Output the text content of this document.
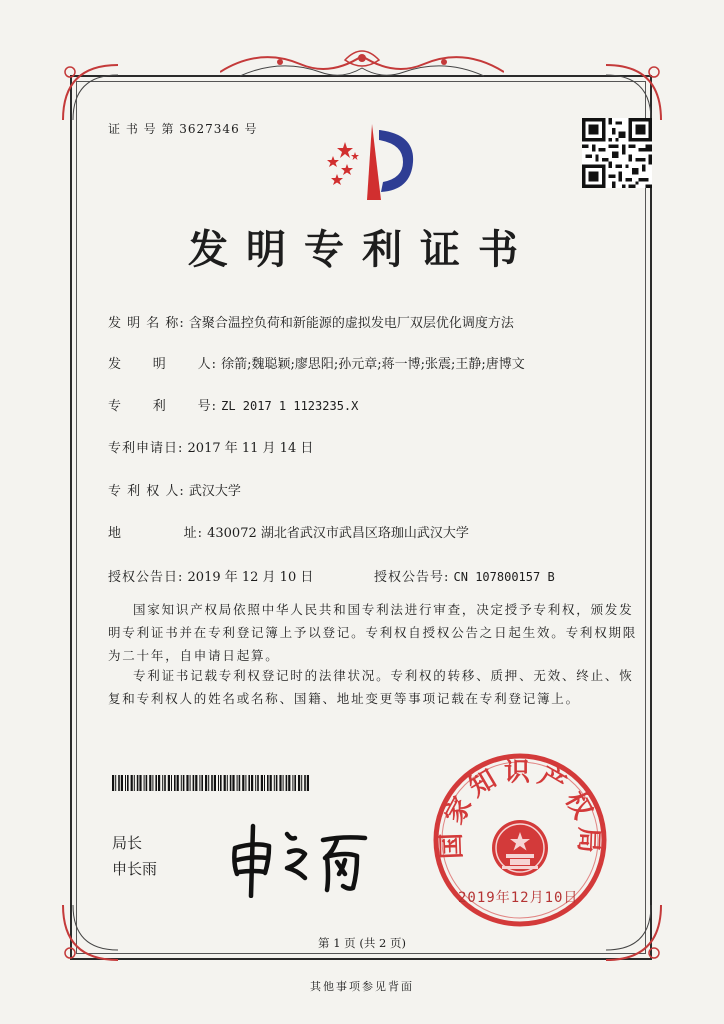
证 书 号 第 3627346 号
发明专利证书
发 明 名 称: 含聚合温控负荷和新能源的虚拟发电厂双层优化调度方法
发      明      人: 徐箭;魏聪颖;廖思阳;孙元章;蒋一博;张震;王静;唐博文
专      利      号: ZL 2017 1 1123235.X
专利申请日: 2017 年 11 月 14 日
专 利 权 人: 武汉大学
地            址: 430072 湖北省武汉市武昌区珞珈山武汉大学
授权公告日: 2019 年 12 月 10 日	授权公告号: CN 107800157 B
国家知识产权局依照中华人民共和国专利法进行审查，决定授予专利权，颁发发明专利证书并在专利登记簿上予以登记。专利权自授权公告之日起生效。专利权期限为二十年，自申请日起算。
专利证书记载专利权登记时的法律状况。专利权的转移、质押、无效、终止、恢复和专利权人的姓名或名称、国籍、地址变更等事项记载在专利登记簿上。
局长
申长雨
国家知识产权局
2019年12月10日
第 1 页 (共 2 页)
其他事项参见背面
